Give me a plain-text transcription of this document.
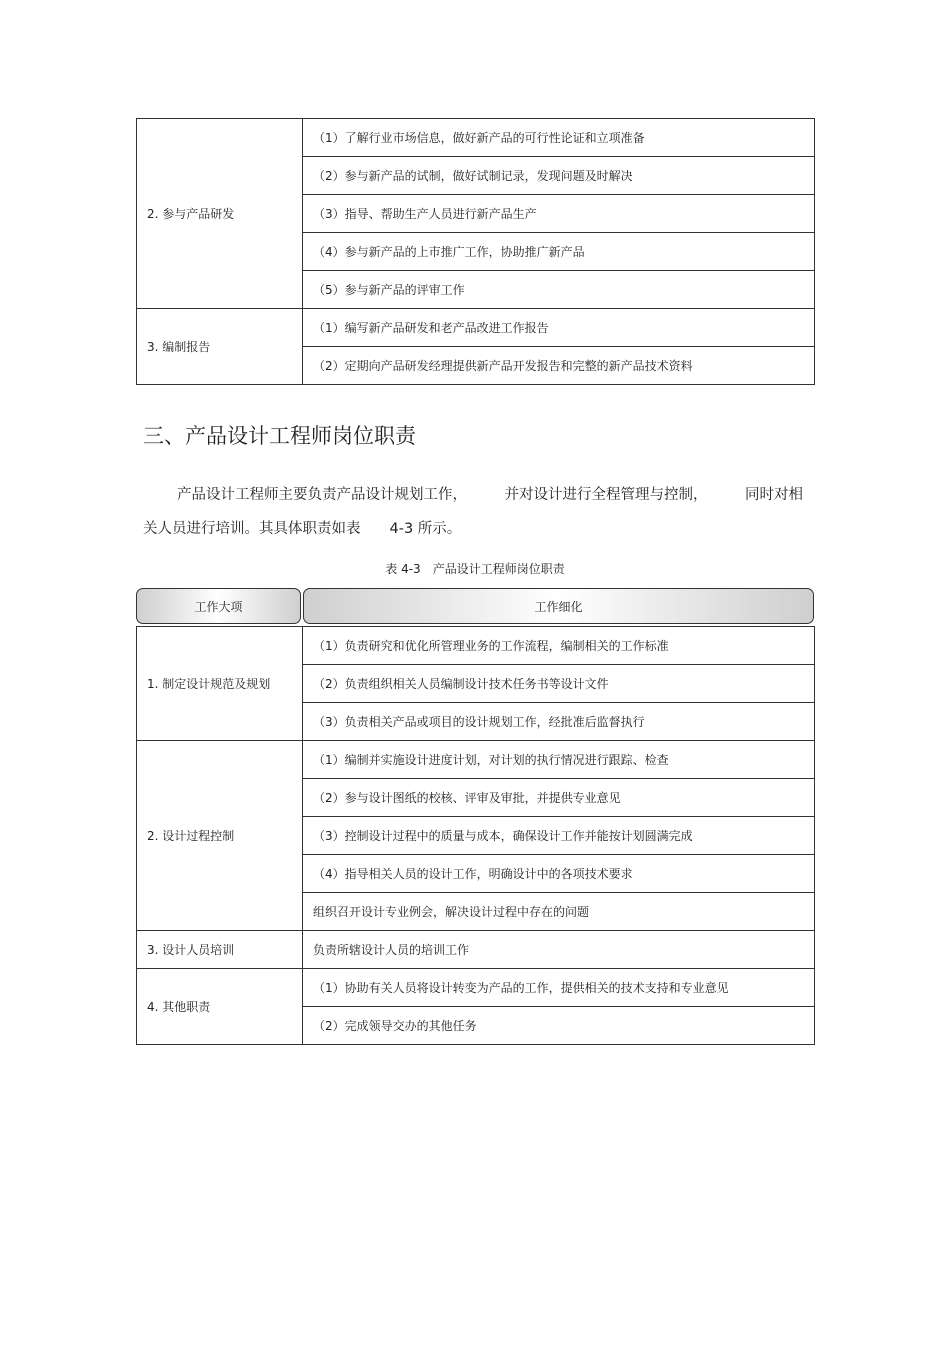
2. 参与产品研发	（1）了解行业市场信息，做好新产品的可行性论证和立项准备
	（2）参与新产品的试制，做好试制记录，发现问题及时解决
	（3）指导、帮助生产人员进行新产品生产
	（4）参与新产品的上市推广工作，协助推广新产品
	（5）参与新产品的评审工作
3. 编制报告	（1）编写新产品研发和老产品改进工作报告
	（2）定期向产品研发经理提供新产品开发报告和完整的新产品技术资料
三、产品设计工程师岗位职责
产品设计工程师主要负责产品设计规划工作，	并对设计进行全程管理与控制，	同时对相
关人员进行培训。其具体职责如表　　4-3 所示。
表 4-3　产品设计工程师岗位职责
工作大项	工作细化
1. 制定设计规范及规划	（1）负责研究和优化所管理业务的工作流程，编制相关的工作标准
	（2）负责组织相关人员编制设计技术任务书等设计文件
	（3）负责相关产品或项目的设计规划工作，经批准后监督执行
2. 设计过程控制	（1）编制并实施设计进度计划，对计划的执行情况进行跟踪、检查
	（2）参与设计图纸的校核、评审及审批，并提供专业意见
	（3）控制设计过程中的质量与成本，确保设计工作并能按计划圆满完成
	（4）指导相关人员的设计工作，明确设计中的各项技术要求
	组织召开设计专业例会，解决设计过程中存在的问题
3. 设计人员培训	负责所辖设计人员的培训工作
4. 其他职责	（1）协助有关人员将设计转变为产品的工作，提供相关的技术支持和专业意见
	（2）完成领导交办的其他任务
